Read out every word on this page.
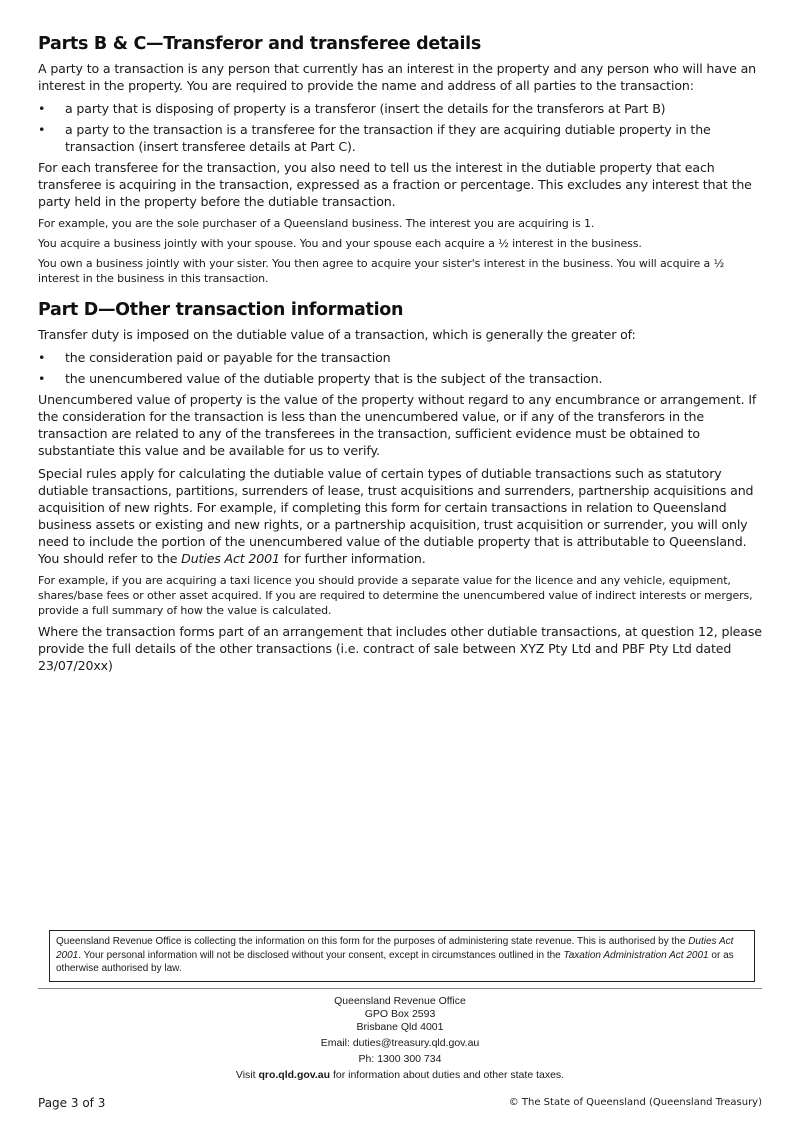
Parts B & C—Transferor and transferee details

A party to a transaction is any person that currently has an interest in the property and any person who will have an interest in the property. You are required to provide the name and address of all parties to the transaction:

• a party that is disposing of property is a transferor (insert the details for the transferors at Part B)
• a party to the transaction is a transferee for the transaction if they are acquiring dutiable property in the transaction (insert transferee details at Part C).

For each transferee for the transaction, you also need to tell us the interest in the dutiable property that each transferee is acquiring in the transaction, expressed as a fraction or percentage. This excludes any interest that the party held in the property before the dutiable transaction.

For example, you are the sole purchaser of a Queensland business. The interest you are acquiring is 1.

You acquire a business jointly with your spouse. You and your spouse each acquire a ½ interest in the business.

You own a business jointly with your sister. You then agree to acquire your sister's interest in the business. You will acquire a ½ interest in the business in this transaction.

Part D—Other transaction information

Transfer duty is imposed on the dutiable value of a transaction, which is generally the greater of:

• the consideration paid or payable for the transaction
• the unencumbered value of the dutiable property that is the subject of the transaction.

Unencumbered value of property is the value of the property without regard to any encumbrance or arrangement. If the consideration for the transaction is less than the unencumbered value, or if any of the transferors in the transaction are related to any of the transferees in the transaction, sufficient evidence must be obtained to substantiate this value and be available for us to verify.

Special rules apply for calculating the dutiable value of certain types of dutiable transactions such as statutory dutiable transactions, partitions, surrenders of lease, trust acquisitions and surrenders, partnership acquisitions and acquisition of new rights. For example, if completing this form for certain transactions in relation to Queensland business assets or existing and new rights, or a partnership acquisition, trust acquisition or surrender, you will only need to include the portion of the unencumbered value of the dutiable property that is attributable to Queensland. You should refer to the Duties Act 2001 for further information.

For example, if you are acquiring a taxi licence you should provide a separate value for the licence and any vehicle, equipment, shares/base fees or other asset acquired. If you are required to determine the unencumbered value of indirect interests or mergers, provide a full summary of how the value is calculated.

Where the transaction forms part of an arrangement that includes other dutiable transactions, at question 12, please provide the full details of the other transactions (i.e. contract of sale between XYZ Pty Ltd and PBF Pty Ltd dated 23/07/20xx)

Queensland Revenue Office is collecting the information on this form for the purposes of administering state revenue. This is authorised by the Duties Act 2001. Your personal information will not be disclosed without your consent, except in circumstances outlined in the Taxation Administration Act 2001 or as otherwise authorised by law.
Queensland Revenue Office
GPO Box 2593
Brisbane Qld 4001
Email: duties@treasury.qld.gov.au
Ph: 1300 300 734
Visit qro.qld.gov.au for information about duties and other state taxes.
Page 3 of 3	© The State of Queensland (Queensland Treasury)
